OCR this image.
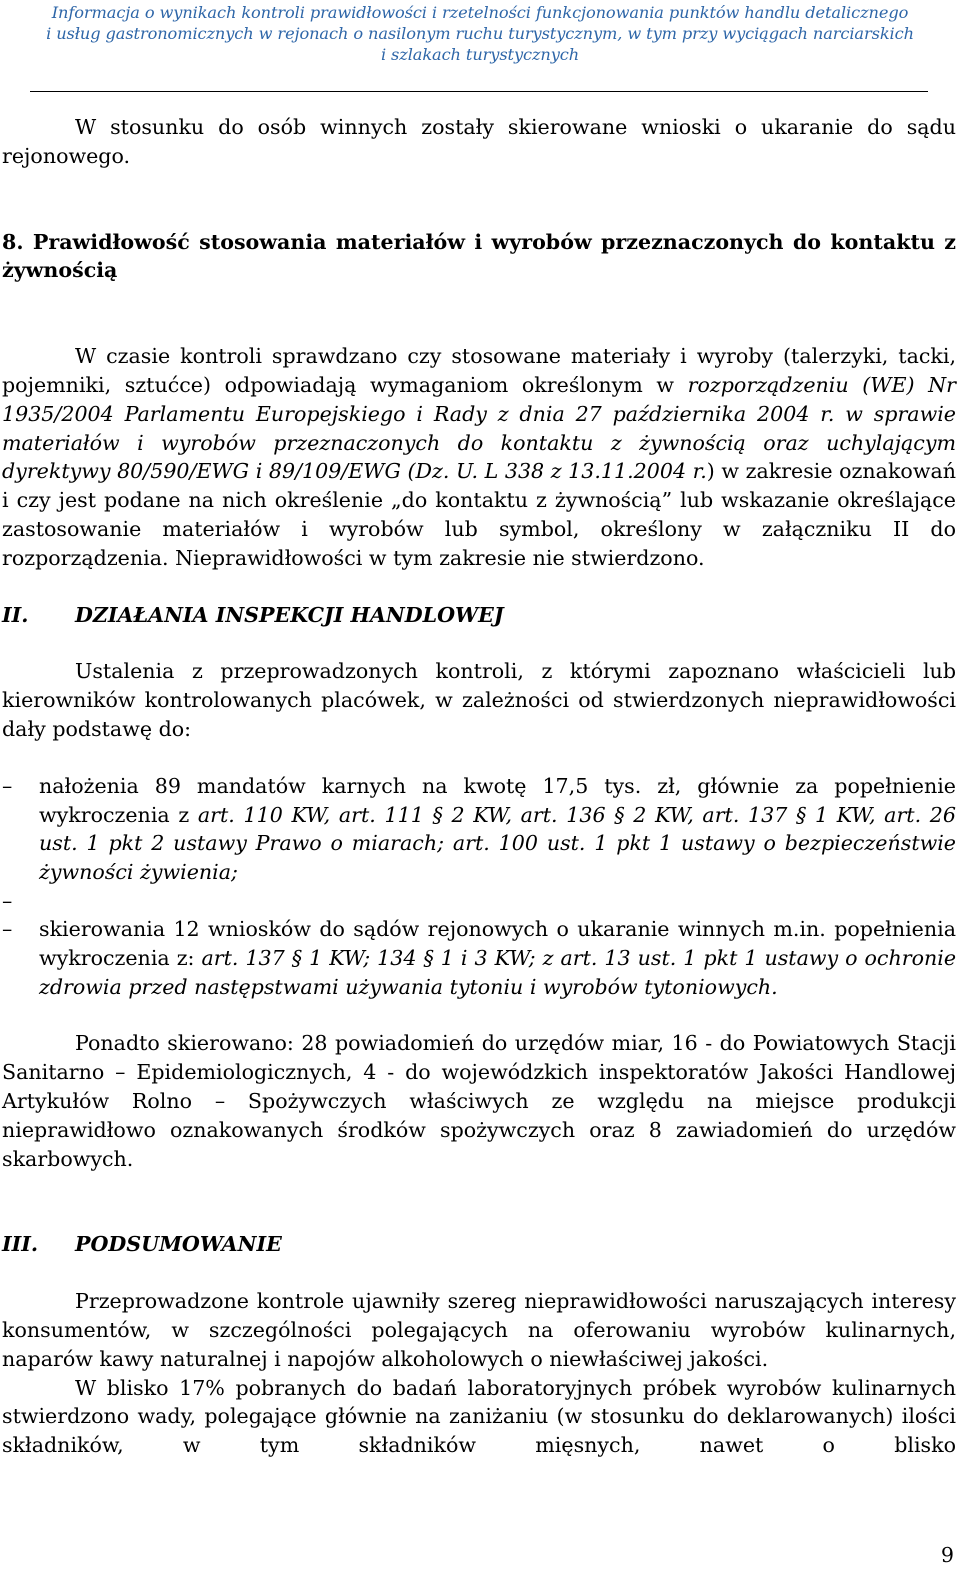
Informacja o wynikach kontroli prawidłowości i rzetelności funkcjonowania punktów handlu detalicznego
i usług gastronomicznych w rejonach o nasilonym ruchu turystycznym, w tym przy wyciągach narciarskich
i szlakach turystycznych

W stosunku do osób winnych zostały skierowane wnioski o ukaranie do sądu rejonowego.

8. Prawidłowość stosowania materiałów i wyrobów przeznaczonych do kontaktu z żywnością

W czasie kontroli sprawdzano czy stosowane materiały i wyroby (talerzyki, tacki, pojemniki, sztućce) odpowiadają wymaganiom określonym w rozporządzeniu (WE) Nr 1935/2004 Parlamentu Europejskiego i Rady z dnia 27 października 2004 r. w sprawie materiałów i wyrobów przeznaczonych do kontaktu z żywnością oraz uchylającym dyrektywy 80/590/EWG i 89/109/EWG (Dz. U. L 338 z 13.11.2004 r.) w zakresie oznakowań i czy jest podane na nich określenie „do kontaktu z żywnością” lub wskazanie określające zastosowanie materiałów i wyrobów lub symbol, określony w załączniku II do rozporządzenia. Nieprawidłowości w tym zakresie nie stwierdzono.

II.	DZIAŁANIA INSPEKCJI HANDLOWEJ

Ustalenia z przeprowadzonych kontroli, z którymi zapoznano właścicieli lub kierowników kontrolowanych placówek, w zależności od stwierdzonych nieprawidłowości dały podstawę do:

– nałożenia 89 mandatów karnych na kwotę 17,5 tys. zł, głównie za popełnienie wykroczenia z art. 110 KW, art. 111 § 2 KW, art. 136 § 2 KW, art. 137 § 1 KW, art. 26 ust. 1 pkt 2 ustawy Prawo o miarach; art. 100 ust. 1 pkt 1 ustawy o bezpieczeństwie żywności żywienia;
–
– skierowania 12 wniosków do sądów rejonowych o ukaranie winnych m.in. popełnienia wykroczenia z: art. 137 § 1 KW; 134 § 1 i 3 KW; z art. 13 ust. 1 pkt 1 ustawy o ochronie zdrowia przed następstwami używania tytoniu i wyrobów tytoniowych.

Ponadto skierowano: 28 powiadomień do urzędów miar, 16 - do Powiatowych Stacji Sanitarno – Epidemiologicznych, 4 - do wojewódzkich inspektoratów Jakości Handlowej Artykułów Rolno – Spożywczych właściwych ze względu na miejsce produkcji nieprawidłowo oznakowanych środków spożywczych oraz 8 zawiadomień do urzędów skarbowych.

III.	PODSUMOWANIE

Przeprowadzone kontrole ujawniły szereg nieprawidłowości naruszających interesy konsumentów, w szczególności polegających na oferowaniu wyrobów kulinarnych, naparów kawy naturalnej i napojów alkoholowych o niewłaściwej jakości.

W blisko 17% pobranych do badań laboratoryjnych próbek wyrobów kulinarnych stwierdzono wady, polegające głównie na zaniżaniu (w stosunku do deklarowanych) ilości składników, w tym składników mięsnych, nawet o blisko

9
